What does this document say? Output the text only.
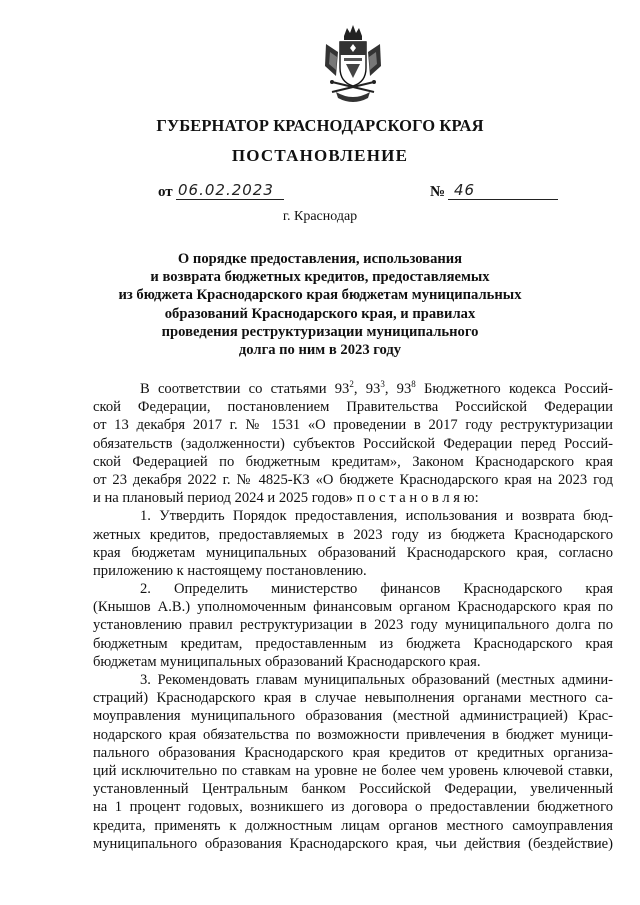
ГУБЕРНАТОР КРАСНОДАРСКОГО КРАЯ
ПОСТАНОВЛЕНИЕ
от 06.02.2023	№ 46
г. Краснодар
О порядке предоставления, использования
и возврата бюджетных кредитов, предоставляемых
из бюджета Краснодарского края бюджетам муниципальных
образований Краснодарского края, и правилах
проведения реструктуризации муниципального
долга по ним в 2023 году
В соответствии со статьями $93^2$, $93^3$, $93^8$ Бюджетного кодекса Россий-
ской Федерации, постановлением Правительства Российской Федерации
от 13 декабря 2017 г. № 1531 «О проведении в 2017 году реструктуризации
обязательств (задолженности) субъектов Российской Федерации перед Россий-
ской Федерацией по бюджетным кредитам», Законом Краснодарского края
от 23 декабря 2022 г. № 4825-КЗ «О бюджете Краснодарского края на 2023 год
и на плановый период 2024 и 2025 годов» п о с т а н о в л я ю:
1. Утвердить Порядок предоставления, использования и возврата бюд-
жетных кредитов, предоставляемых в 2023 году из бюджета Краснодарского
края бюджетам муниципальных образований Краснодарского края, согласно
приложению к настоящему постановлению.
2. Определить министерство финансов Краснодарского края
(Кнышов А.В.) уполномоченным финансовым органом Краснодарского края по
установлению правил реструктуризации в 2023 году муниципального долга по
бюджетным кредитам, предоставленным из бюджета Краснодарского края
бюджетам муниципальных образований Краснодарского края.
3. Рекомендовать главам муниципальных образований (местных админи-
страций) Краснодарского края в случае невыполнения органами местного са-
моуправления муниципального образования (местной администрацией) Крас-
нодарского края обязательства по возможности привлечения в бюджет муници-
пального образования Краснодарского края кредитов от кредитных организа-
ций исключительно по ставкам на уровне не более чем уровень ключевой ставки,
установленный Центральным банком Российской Федерации, увеличенный
на 1 процент годовых, возникшего из договора о предоставлении бюджетного
кредита, применять к должностным лицам органов местного самоуправления
муниципального образования Краснодарского края, чьи действия (бездействие)
